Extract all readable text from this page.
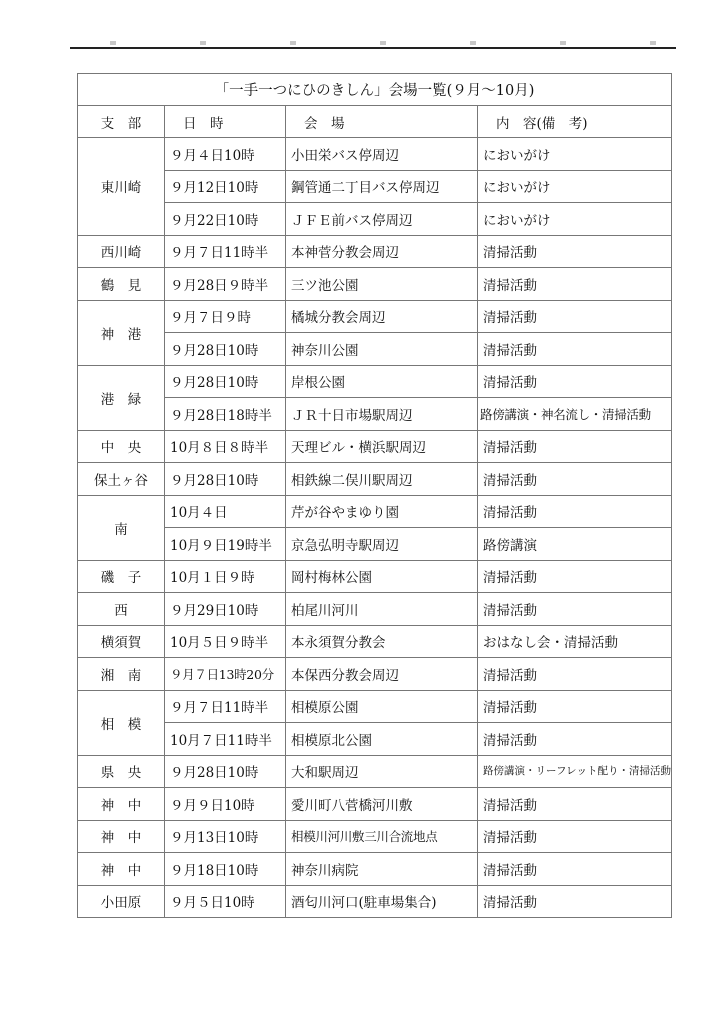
「一手一つにひのきしん」会場一覧(９月～10月)			
支　部	日　時	会　場	内　容(備　考)
東川崎	９月４日10時	小田栄バス停周辺	においがけ
	９月12日10時	鋼管通二丁目バス停周辺	においがけ
	９月22日10時	ＪＦＥ前バス停周辺	においがけ
西川崎	９月７日11時半	本神菅分教会周辺	清掃活動
鶴　見	９月28日９時半	三ツ池公園	清掃活動
神　港	９月７日９時	橘城分教会周辺	清掃活動
	９月28日10時	神奈川公園	清掃活動
港　緑	９月28日10時	岸根公園	清掃活動
	９月28日18時半	ＪＲ十日市場駅周辺	路傍講演・神名流し・清掃活動
中　央	10月８日８時半	天理ビル・横浜駅周辺	清掃活動
保土ヶ谷	９月28日10時	相鉄線二俣川駅周辺	清掃活動
南	10月４日	芹が谷やまゆり園	清掃活動
	10月９日19時半	京急弘明寺駅周辺	路傍講演
磯　子	10月１日９時	岡村梅林公園	清掃活動
西	９月29日10時	柏尾川河川	清掃活動
横須賀	10月５日９時半	本永須賀分教会	おはなし会・清掃活動
湘　南	９月７日13時20分	本保西分教会周辺	清掃活動
相　模	９月７日11時半	相模原公園	清掃活動
	10月７日11時半	相模原北公園	清掃活動
県　央	９月28日10時	大和駅周辺	路傍講演・リーフレット配り・清掃活動
神　中	９月９日10時	愛川町八菅橋河川敷	清掃活動
神　中	９月13日10時	相模川河川敷三川合流地点	清掃活動
神　中	９月18日10時	神奈川病院	清掃活動
小田原	９月５日10時	酒匂川河口(駐車場集合)	清掃活動
